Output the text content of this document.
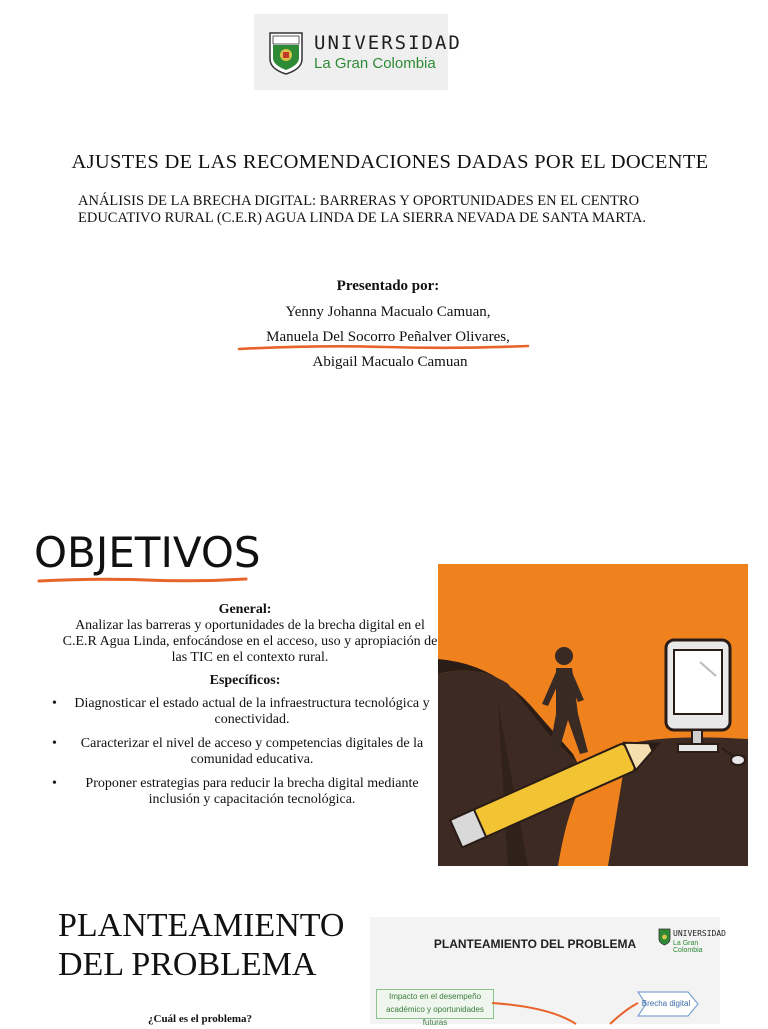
UNIVERSIDAD
La Gran Colombia
AJUSTES DE LAS RECOMENDACIONES DADAS POR EL DOCENTE
ANÁLISIS DE LA BRECHA DIGITAL: BARRERAS Y OPORTUNIDADES EN EL CENTRO EDUCATIVO RURAL (C.E.R) AGUA LINDA DE LA SIERRA NEVADA DE SANTA MARTA.
Presentado por:
Yenny Johanna Macualo Camuan,
Manuela Del Socorro Peñalver Olivares,
Abigail Macualo Camuan
OBJETIVOS
General:
Analizar las barreras y oportunidades de la brecha digital en el C.E.R Agua Linda, enfocándose en el acceso, uso y apropiación de las TIC en el contexto rural.
Específicos:
• Diagnosticar el estado actual de la infraestructura tecnológica y conectividad.
• Caracterizar el nivel de acceso y competencias digitales de la comunidad educativa.
• Proponer estrategias para reducir la brecha digital mediante inclusión y capacitación tecnológica.
PLANTEAMIENTO
DEL PROBLEMA
¿Cuál es el problema?
PLANTEAMIENTO DEL PROBLEMA
UNIVERSIDAD
La Gran Colombia
Impacto en el desempeño académico y oportunidades futuras
Brecha digital
